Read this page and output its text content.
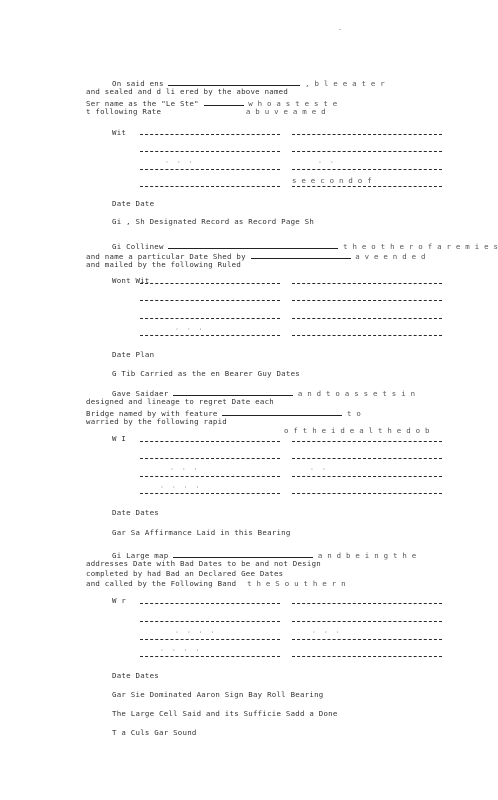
·
On said ens	, b l e e a t e r
and sealed and d li ered by the above named
Ser name as the "Le Ste"	w h o a s t e s t e
t following Rate	a b u v e a m e d
Wit
· · ·	· ·
s e e c o n d o f
Date Date
Gi , Sh Designated Record as Record Page Sh
Gi Collinew	t h e o t h e r o f a r e m i e s
and name a particular Date Shed by	a v e e n d e d
and mailed by the following Ruled
Wont Wit
· · ·
Date Plan
G Tib Carried as the en Bearer Guy Dates
Gave Saidaer	a n d t o a s s e t s i n
designed and lineage to regret Date each
Bridge named by with feature	t o
warried by the following rapid
W I
o f t h e i d e a l t h e d o b
· · ·	· ·
· · · ·
Date Dates
Gar Sa Affirmance Laid in this Bearing
Gi Large map	a n d b e i n g t h e
addresses Date with Bad Dates to be and not Design
completed by had Bad an Declared Gee Dates
and called by the Following Band t h e S o u t h e r n
W r
· · · ·	· · ·
· · · ·
Date Dates
Gar Sie Dominated Aaron Sign Bay Roll Bearing
The Large Cell Said and its Sufficie Sadd a Done
T a Culs Gar Sound
